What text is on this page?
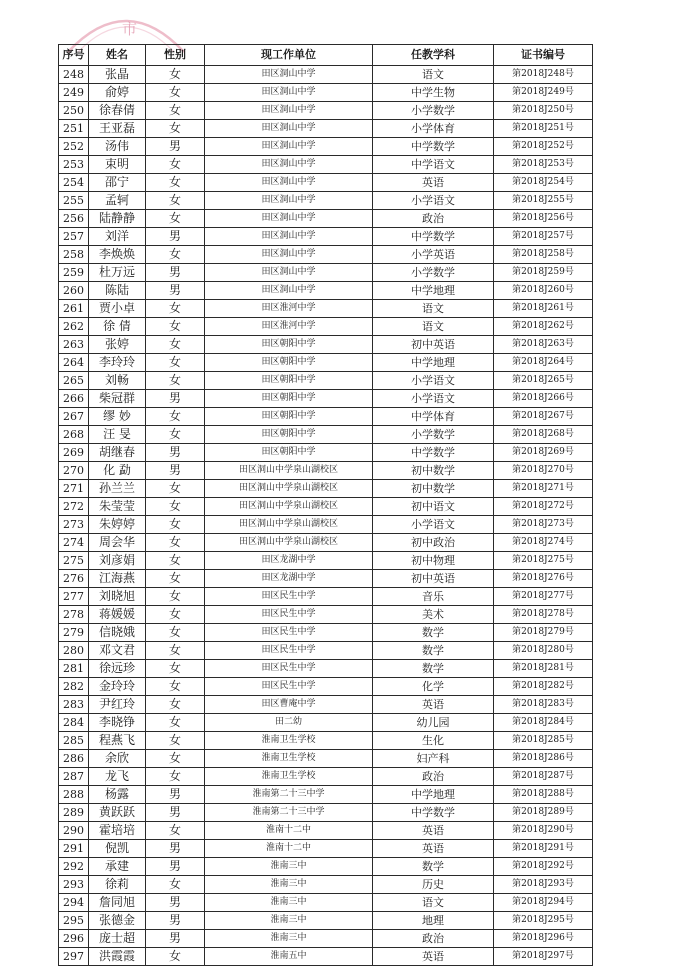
市
序号	姓名	性别	现工作单位	任教学科	证书编号
248	张晶	女	田区洞山中学	语文	第2018J248号
249	俞婷	女	田区洞山中学	中学生物	第2018J249号
250	徐春倩	女	田区洞山中学	小学数学	第2018J250号
251	王亚磊	女	田区洞山中学	小学体育	第2018J251号
252	汤伟	男	田区洞山中学	中学数学	第2018J252号
253	束明	女	田区洞山中学	中学语文	第2018J253号
254	邵宁	女	田区洞山中学	英语	第2018J254号
255	孟轲	女	田区洞山中学	小学语文	第2018J255号
256	陆静静	女	田区洞山中学	政治	第2018J256号
257	刘洋	男	田区洞山中学	中学数学	第2018J257号
258	李焕焕	女	田区洞山中学	小学英语	第2018J258号
259	杜万远	男	田区洞山中学	小学数学	第2018J259号
260	陈陆	男	田区洞山中学	中学地理	第2018J260号
261	贾小卓	女	田区淮河中学	语文	第2018J261号
262	徐 倩	女	田区淮河中学	语文	第2018J262号
263	张婷	女	田区朝阳中学	初中英语	第2018J263号
264	李玲玲	女	田区朝阳中学	中学地理	第2018J264号
265	刘畅	女	田区朝阳中学	小学语文	第2018J265号
266	柴冠群	男	田区朝阳中学	小学语文	第2018J266号
267	缪 妙	女	田区朝阳中学	中学体育	第2018J267号
268	汪 旻	女	田区朝阳中学	小学数学	第2018J268号
269	胡继春	男	田区朝阳中学	中学数学	第2018J269号
270	化 勐	男	田区洞山中学泉山湖校区	初中数学	第2018J270号
271	孙兰兰	女	田区洞山中学泉山湖校区	初中数学	第2018J271号
272	朱莹莹	女	田区洞山中学泉山湖校区	初中语文	第2018J272号
273	朱婷婷	女	田区洞山中学泉山湖校区	小学语文	第2018J273号
274	周会华	女	田区洞山中学泉山湖校区	初中政治	第2018J274号
275	刘彦娟	女	田区龙湖中学	初中物理	第2018J275号
276	江海燕	女	田区龙湖中学	初中英语	第2018J276号
277	刘晓旭	女	田区民生中学	音乐	第2018J277号
278	蒋媛媛	女	田区民生中学	美术	第2018J278号
279	信晓娥	女	田区民生中学	数学	第2018J279号
280	邓文君	女	田区民生中学	数学	第2018J280号
281	徐远珍	女	田区民生中学	数学	第2018J281号
282	金玲玲	女	田区民生中学	化学	第2018J282号
283	尹红玲	女	田区曹庵中学	英语	第2018J283号
284	李晓铮	女	田二幼	幼儿园	第2018J284号
285	程燕飞	女	淮南卫生学校	生化	第2018J285号
286	余欣	女	淮南卫生学校	妇产科	第2018J286号
287	龙飞	女	淮南卫生学校	政治	第2018J287号
288	杨露	男	淮南第二十三中学	中学地理	第2018J288号
289	黄跃跃	男	淮南第二十三中学	中学数学	第2018J289号
290	霍培培	女	淮南十二中	英语	第2018J290号
291	倪凯	男	淮南十二中	英语	第2018J291号
292	承建	男	淮南三中	数学	第2018J292号
293	徐莉	女	淮南三中	历史	第2018J293号
294	詹同旭	男	淮南三中	语文	第2018J294号
295	张德金	男	淮南三中	地理	第2018J295号
296	庞士超	男	淮南三中	政治	第2018J296号
297	洪霞霞	女	淮南五中	英语	第2018J297号
